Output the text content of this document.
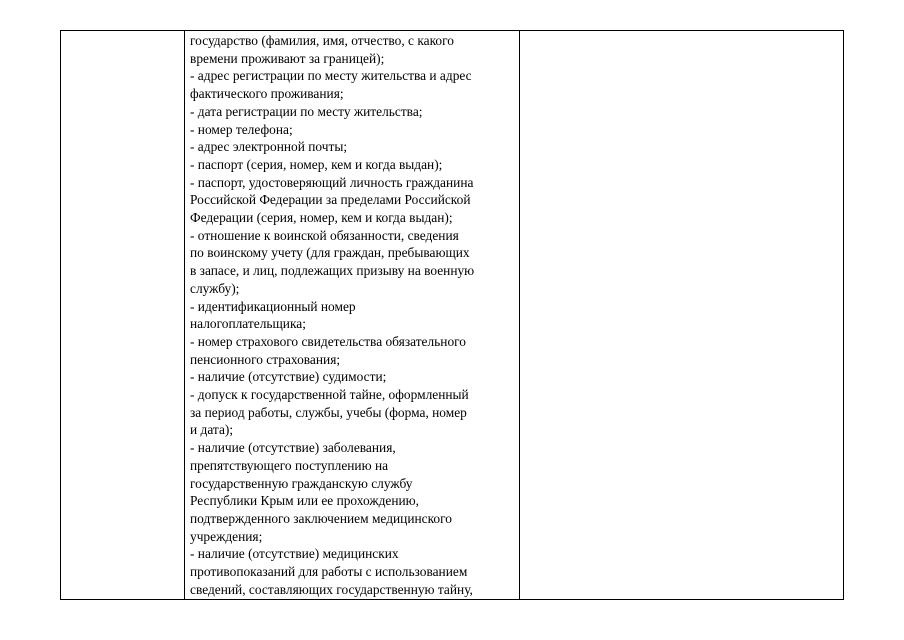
государство (фамилия, имя, отчество, с какого
времени проживают за границей);
- адрес регистрации по месту жительства и адрес
фактического проживания;
- дата регистрации по месту жительства;
- номер телефона;
- адрес электронной почты;
- паспорт (серия, номер, кем и когда выдан);
- паспорт, удостоверяющий личность гражданина
Российской Федерации за пределами Российской
Федерации (серия, номер, кем и когда выдан);
- отношение к воинской обязанности, сведения
по воинскому учету (для граждан, пребывающих
в запасе, и лиц, подлежащих призыву на военную
службу);
- идентификационный номер
налогоплательщика;
- номер страхового свидетельства обязательного
пенсионного страхования;
- наличие (отсутствие) судимости;
- допуск к государственной тайне, оформленный
за период работы, службы, учебы (форма, номер
и дата);
- наличие (отсутствие) заболевания,
препятствующего поступлению на
государственную гражданскую службу
Республики Крым или ее прохождению,
подтвержденного заключением медицинского
учреждения;
- наличие (отсутствие) медицинских
противопоказаний для работы с использованием
сведений, составляющих государственную тайну,
